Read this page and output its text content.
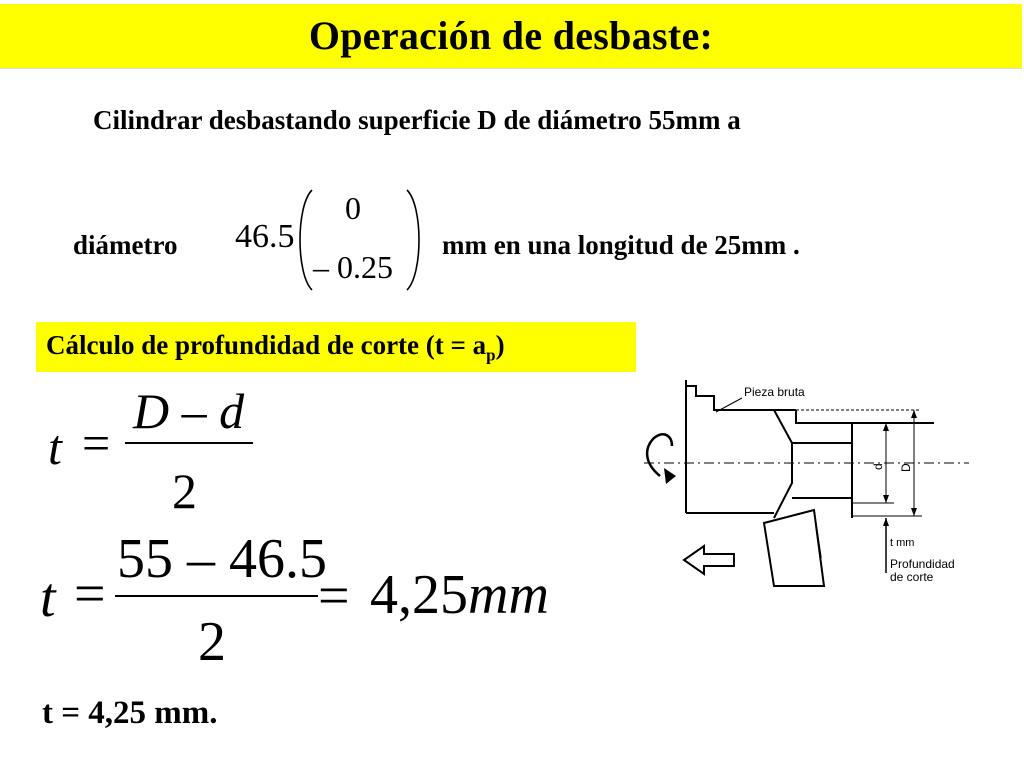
Operación de desbaste:
Cilindrar desbastando superficie D de diámetro 55mm a
diámetro 46.5
0
– 0.25
mm en una longitud de 25mm .
Cálculo de profundidad de corte $(t = a_p)$
t =
D – d
2
t =
55 – 46.5
2
= 4,25mm
t = 4,25 mm.
Pieza bruta
d D
t mm
Profundidad
de corte
